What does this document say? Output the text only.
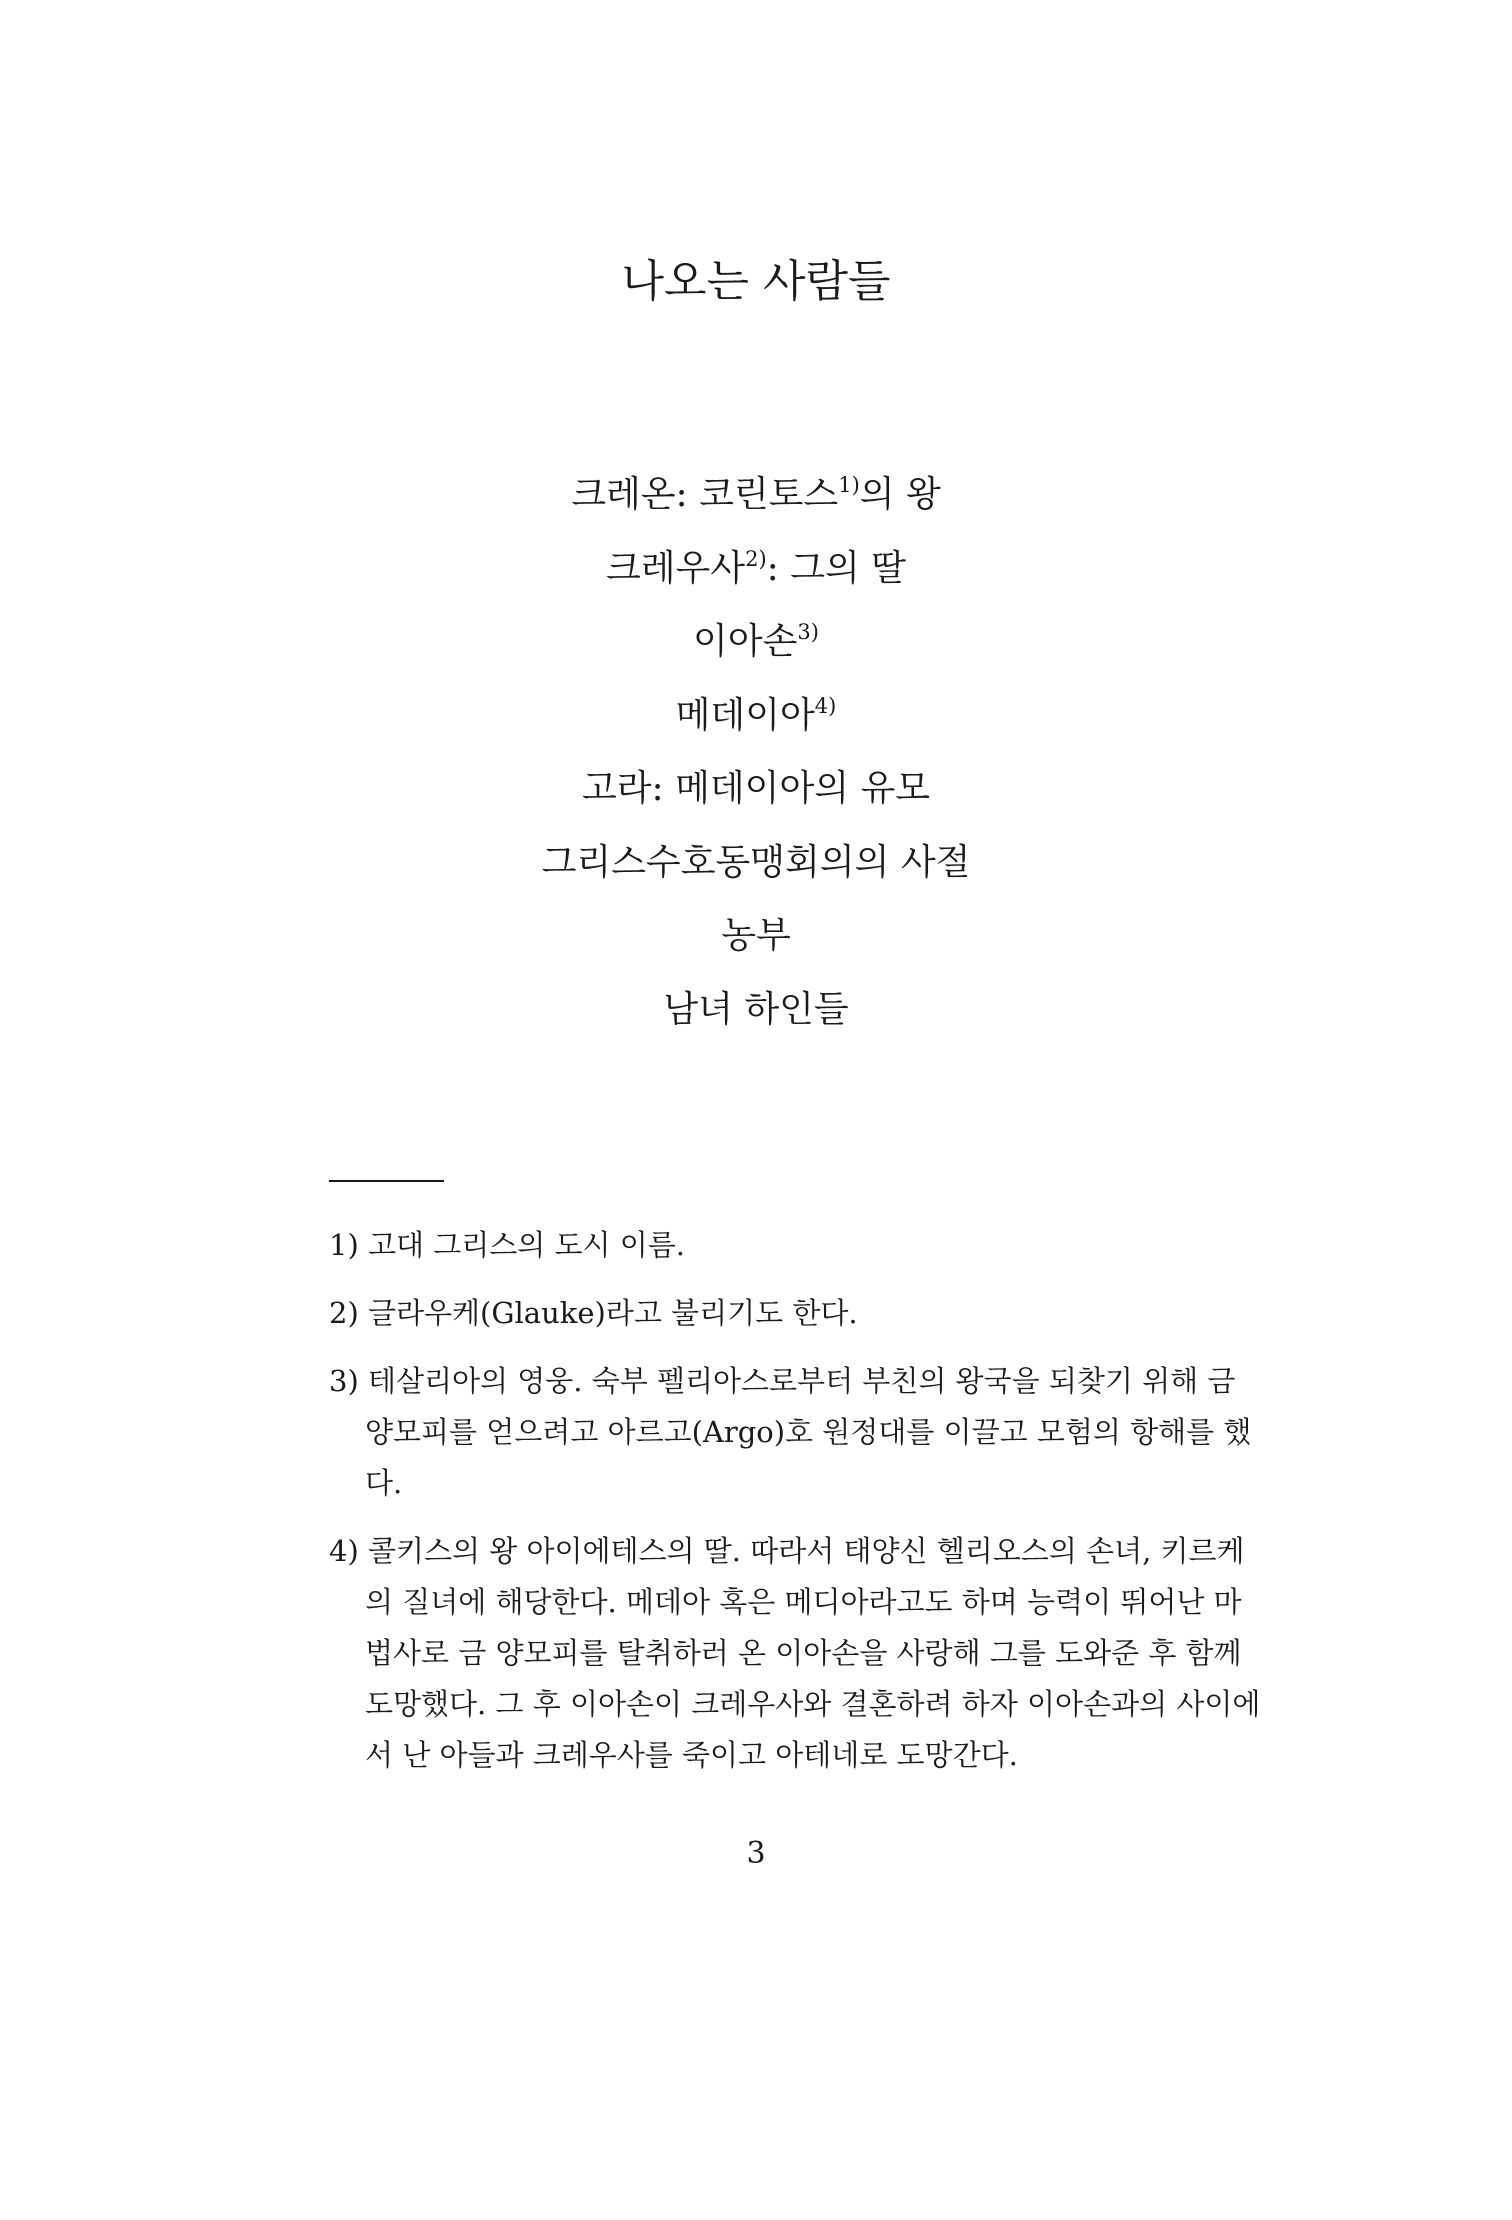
나오는 사람들
크레온: 코린토스$^{1)}$의 왕
크레우사$^{2)}$: 그의 딸
이아손$^{3)}$
메데이아$^{4)}$
고라: 메데이아의 유모
그리스수호동맹회의의 사절
농부
남녀 하인들
1) 고대 그리스의 도시 이름.
2) 글라우케(Glauke)라고 불리기도 한다.
3) 테살리아의 영웅. 숙부 펠리아스로부터 부친의 왕국을 되찾기 위해 금 양모피를 얻으려고 아르고(Argo)호 원정대를 이끌고 모험의 항해를 했다.
4) 콜키스의 왕 아이에테스의 딸. 따라서 태양신 헬리오스의 손녀, 키르케의 질녀에 해당한다. 메데아 혹은 메디아라고도 하며 능력이 뛰어난 마법사로 금 양모피를 탈취하러 온 이아손을 사랑해 그를 도와준 후 함께 도망했다. 그 후 이아손이 크레우사와 결혼하려 하자 이아손과의 사이에서 난 아들과 크레우사를 죽이고 아테네로 도망간다.
3
